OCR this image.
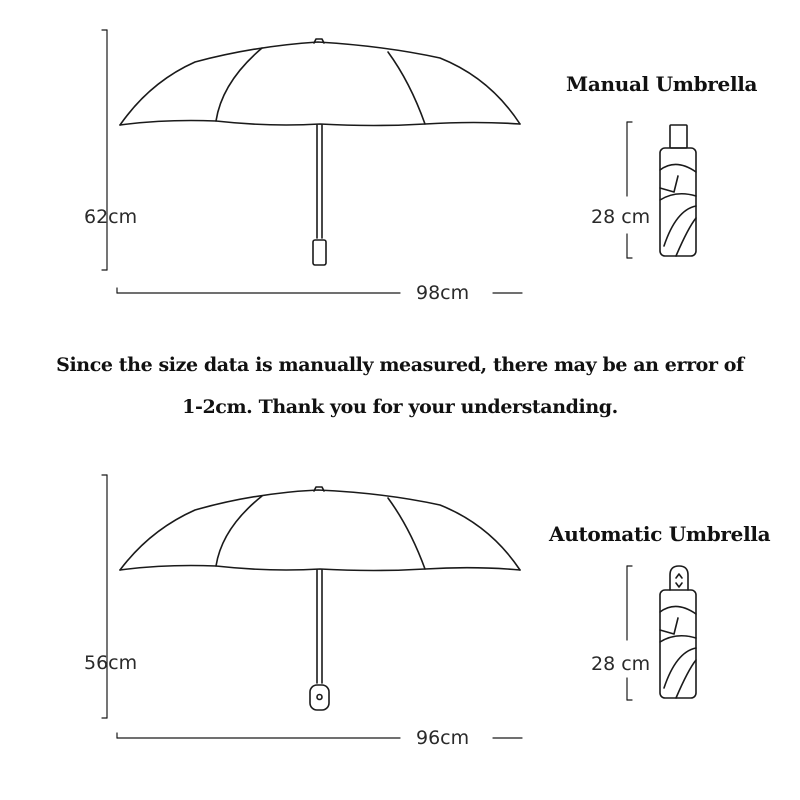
Manual Umbrella
62cm
98cm
28 cm
Since the size data is manually measured, there may be an error of
1-2cm. Thank you for your understanding.
Automatic Umbrella
56cm
96cm
28 cm
